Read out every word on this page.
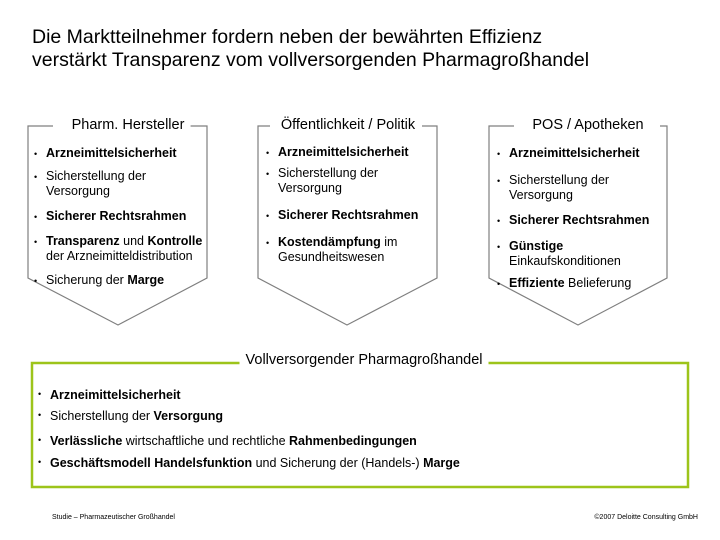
Die Marktteilnehmer fordern neben der bewährten Effizienz
verstärkt Transparenz vom vollversorgenden Pharmagroßhandel
Pharm. Hersteller	Öffentlichkeit / Politik	POS / Apotheken
• Arzneimittelsicherheit
• Sicherstellung der
Versorgung
• Sicherer Rechtsrahmen
• Transparenz und Kontrolle
der Arzneimitteldistribution
• Sicherung der Marge
• Arzneimittelsicherheit
• Sicherstellung der
Versorgung
• Sicherer Rechtsrahmen
• Kostendämpfung im
Gesundheitswesen
• Arzneimittelsicherheit
• Sicherstellung der
Versorgung
• Sicherer Rechtsrahmen
• Günstige
Einkaufskonditionen
• Effiziente Belieferung
Vollversorgender Pharmagroßhandel
• Arzneimittelsicherheit
• Sicherstellung der Versorgung
• Verlässliche wirtschaftliche und rechtliche Rahmenbedingungen
• Geschäftsmodell Handelsfunktion und Sicherung der (Handels-) Marge
Studie – Pharmazeutischer Großhandel	©2007 Deloitte Consulting GmbH
